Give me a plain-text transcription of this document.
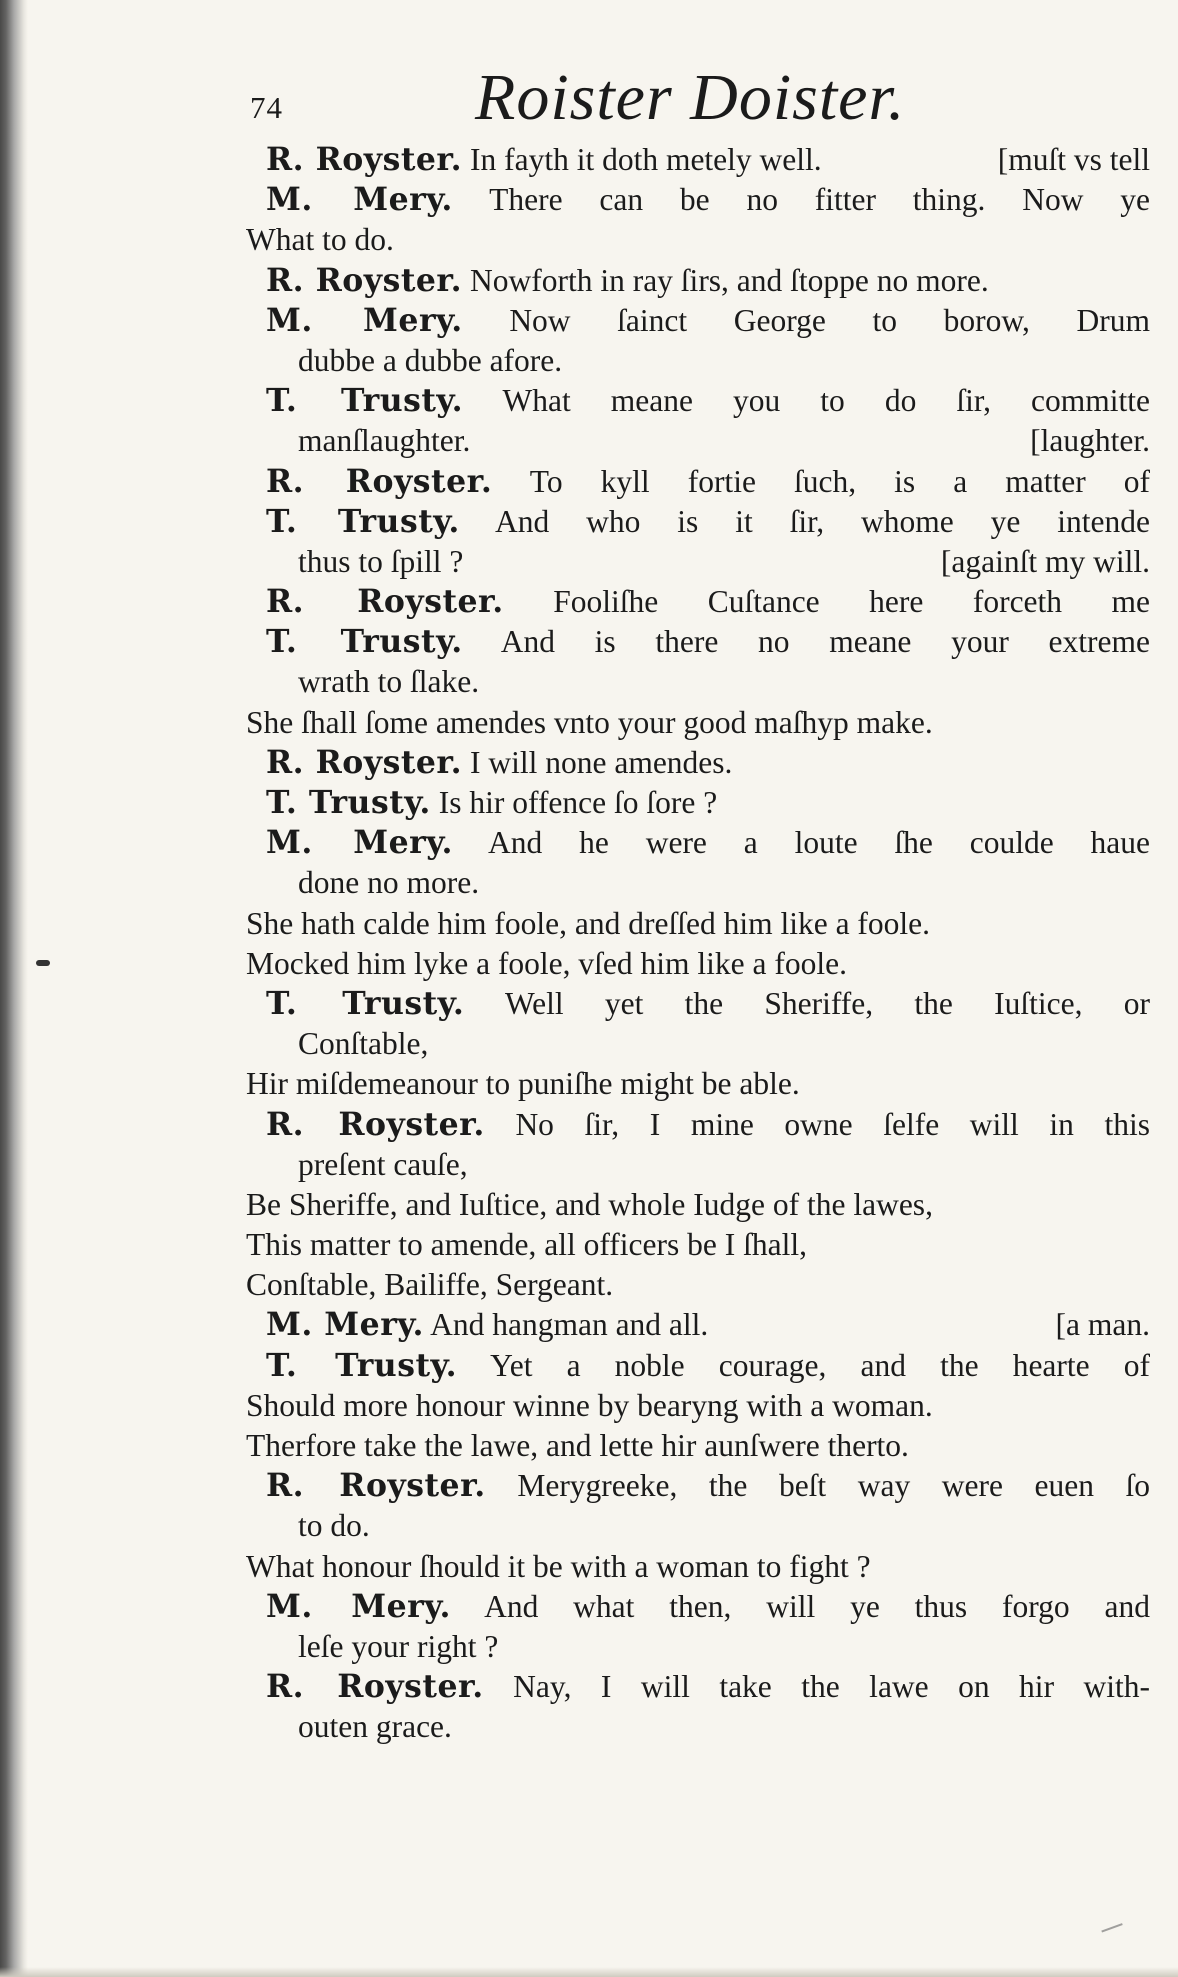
74	Roister Doister.
R. Royster. In fayth it doth metely well.	[muſt vs tell
M. Mery. There can be no fitter thing. Now ye
What to do.
R. Royster. Nowforth in ray ſirs, and ſtoppe no more.
M. Mery. Now ſainct George to borow, Drum
dubbe a dubbe afore.
T. Trusty. What meane you to do ſir, committe
manſlaughter.	[laughter.
R. Royster. To kyll fortie ſuch, is a matter of
T. Trusty. And who is it ſir, whome ye intende
thus to ſpill ?	[againſt my will.
R. Royster. Fooliſhe Cuſtance here forceth me
T. Trusty. And is there no meane your extreme
wrath to ſlake.
She ſhall ſome amendes vnto your good maſhyp make.
R. Royster. I will none amendes.
T. Trusty. Is hir offence ſo ſore ?
M. Mery. And he were a loute ſhe coulde haue
done no more.
She hath calde him foole, and dreſſed him like a foole.
Mocked him lyke a foole, vſed him like a foole.
T. Trusty. Well yet the Sheriffe, the Iuſtice, or
Conſtable,
Hir miſdemeanour to puniſhe might be able.
R. Royster. No ſir, I mine owne ſelfe will in this
preſent cauſe,
Be Sheriffe, and Iuſtice, and whole Iudge of the lawes,
This matter to amende, all officers be I ſhall,
Conſtable, Bailiffe, Sergeant.
M. Mery. And hangman and all.	[a man.
T. Trusty. Yet a noble courage, and the hearte of
Should more honour winne by bearyng with a woman.
Therfore take the lawe, and lette hir aunſwere therto.
R. Royster. Merygreeke, the beſt way were euen ſo
to do.
What honour ſhould it be with a woman to fight ?
M. Mery. And what then, will ye thus forgo and
leſe your right ?
R. Royster. Nay, I will take the lawe on hir with-
outen grace.
